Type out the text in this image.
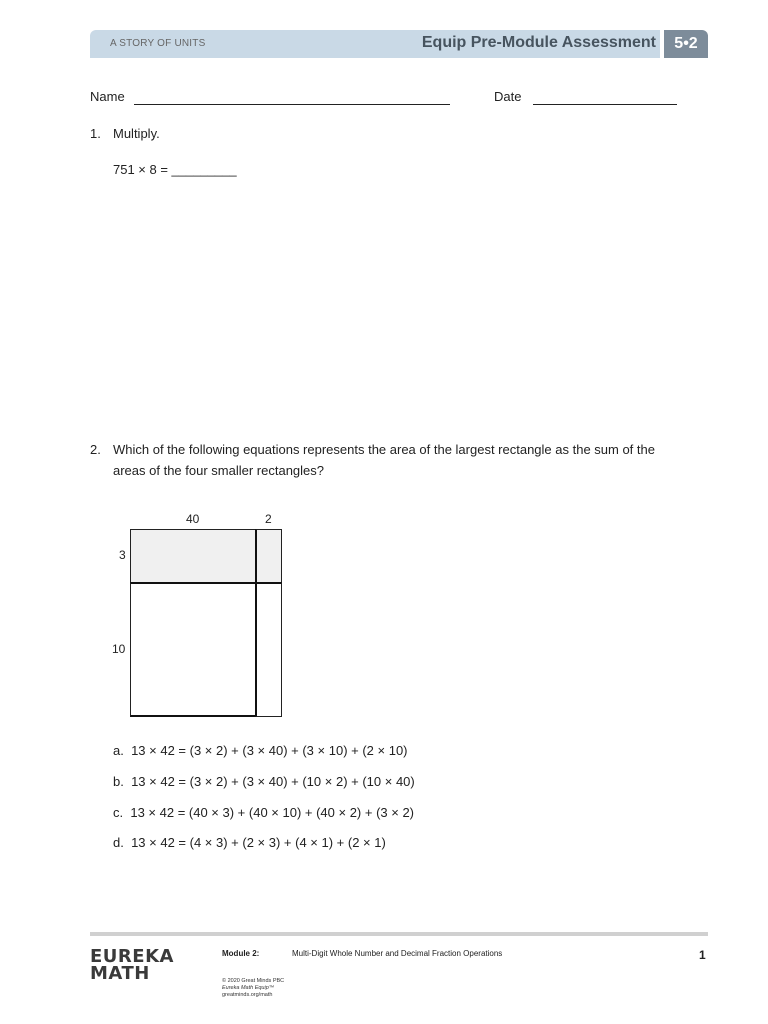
A STORY OF UNITS	Equip Pre-Module Assessment	5•2
Name	Date
1. Multiply.
751 × 8 = _________
2. Which of the following equations represents the area of the largest rectangle as the sum of the
areas of the four smaller rectangles?
40	2
3
10
a. 13 × 42 = (3 × 2) + (3 × 40) + (3 × 10) + (2 × 10)
b. 13 × 42 = (3 × 2) + (3 × 40) + (10 × 2) + (10 × 40)
c. 13 × 42 = (40 × 3) + (40 × 10) + (40 × 2) + (3 × 2)
d. 13 × 42 = (4 × 3) + (2 × 3) + (4 × 1) + (2 × 1)
EUREKA
MATH
Module 2:	Multi-Digit Whole Number and Decimal Fraction Operations	1
© 2020 Great Minds PBC
Eureka Math Equip™
greatminds.org/math
